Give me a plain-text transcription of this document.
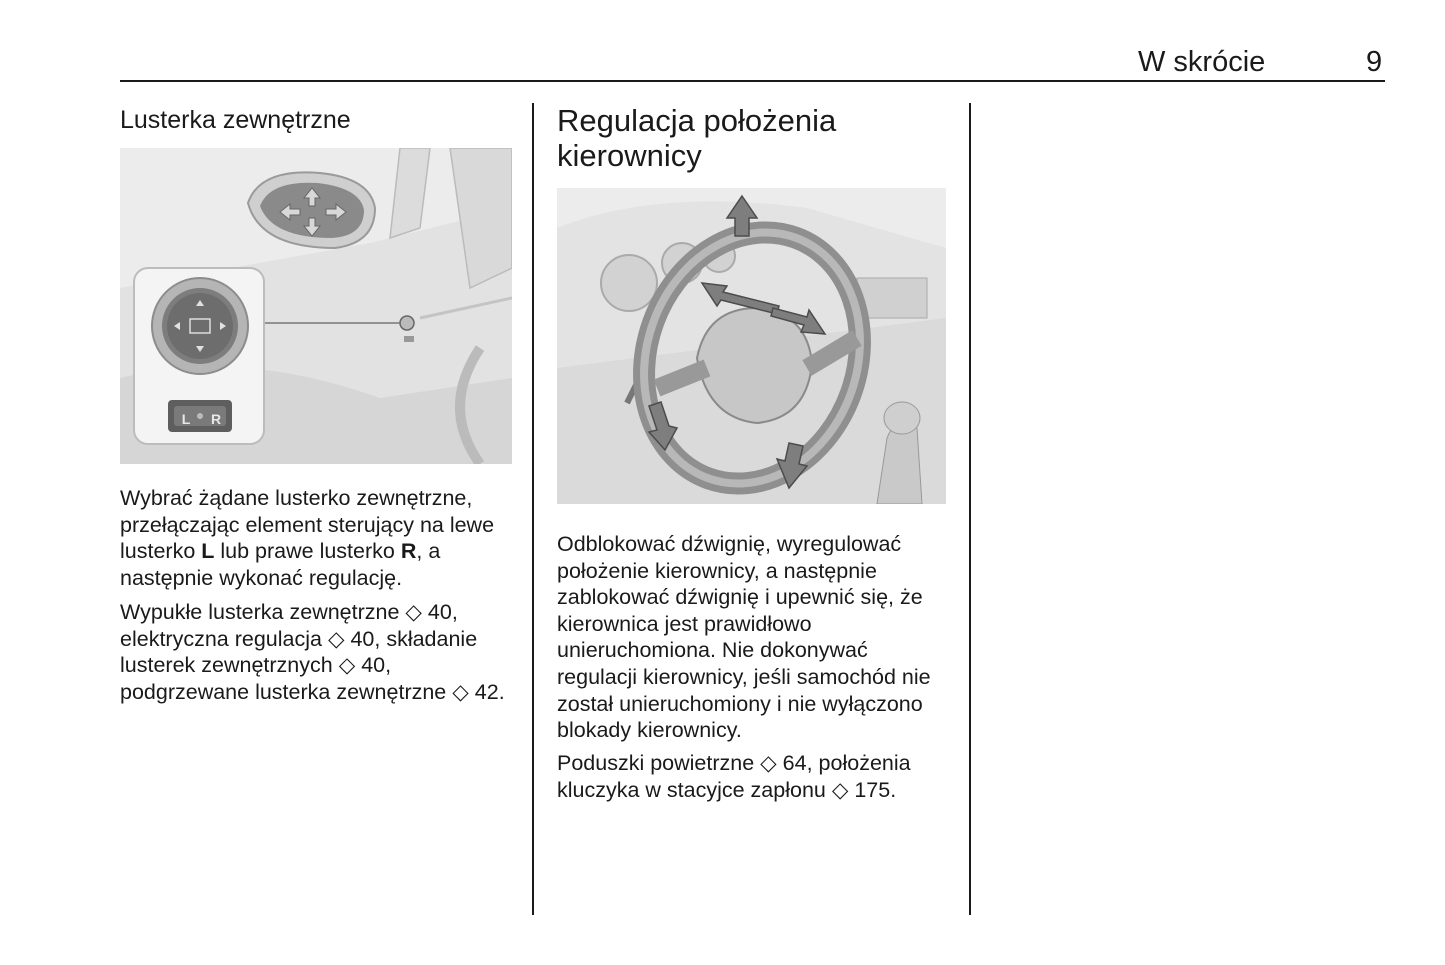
W skrócie	9
Lusterka zewnętrzne
L R

Wybrać żądane lusterko zewnętrzne, przełączając element sterujący na lewe lusterko L lub prawe lusterko R, a następnie wykonać regulację.

Wypukłe lusterka zewnętrzne ◇ 40, elektryczna regulacja ◇ 40, składanie lusterek zewnętrznych ◇ 40, podgrzewane lusterka zewnętrzne ◇ 42.

Regulacja położenia kierownicy

Odblokować dźwignię, wyregulować położenie kierownicy, a następnie zablokować dźwignię i upewnić się, że kierownica jest prawidłowo unieruchomiona. Nie dokonywać regulacji kierownicy, jeśli samochód nie został unieruchomiony i nie wyłączono blokady kierownicy.

Poduszki powietrzne ◇ 64, położenia kluczyka w stacyjce zapłonu ◇ 175.
